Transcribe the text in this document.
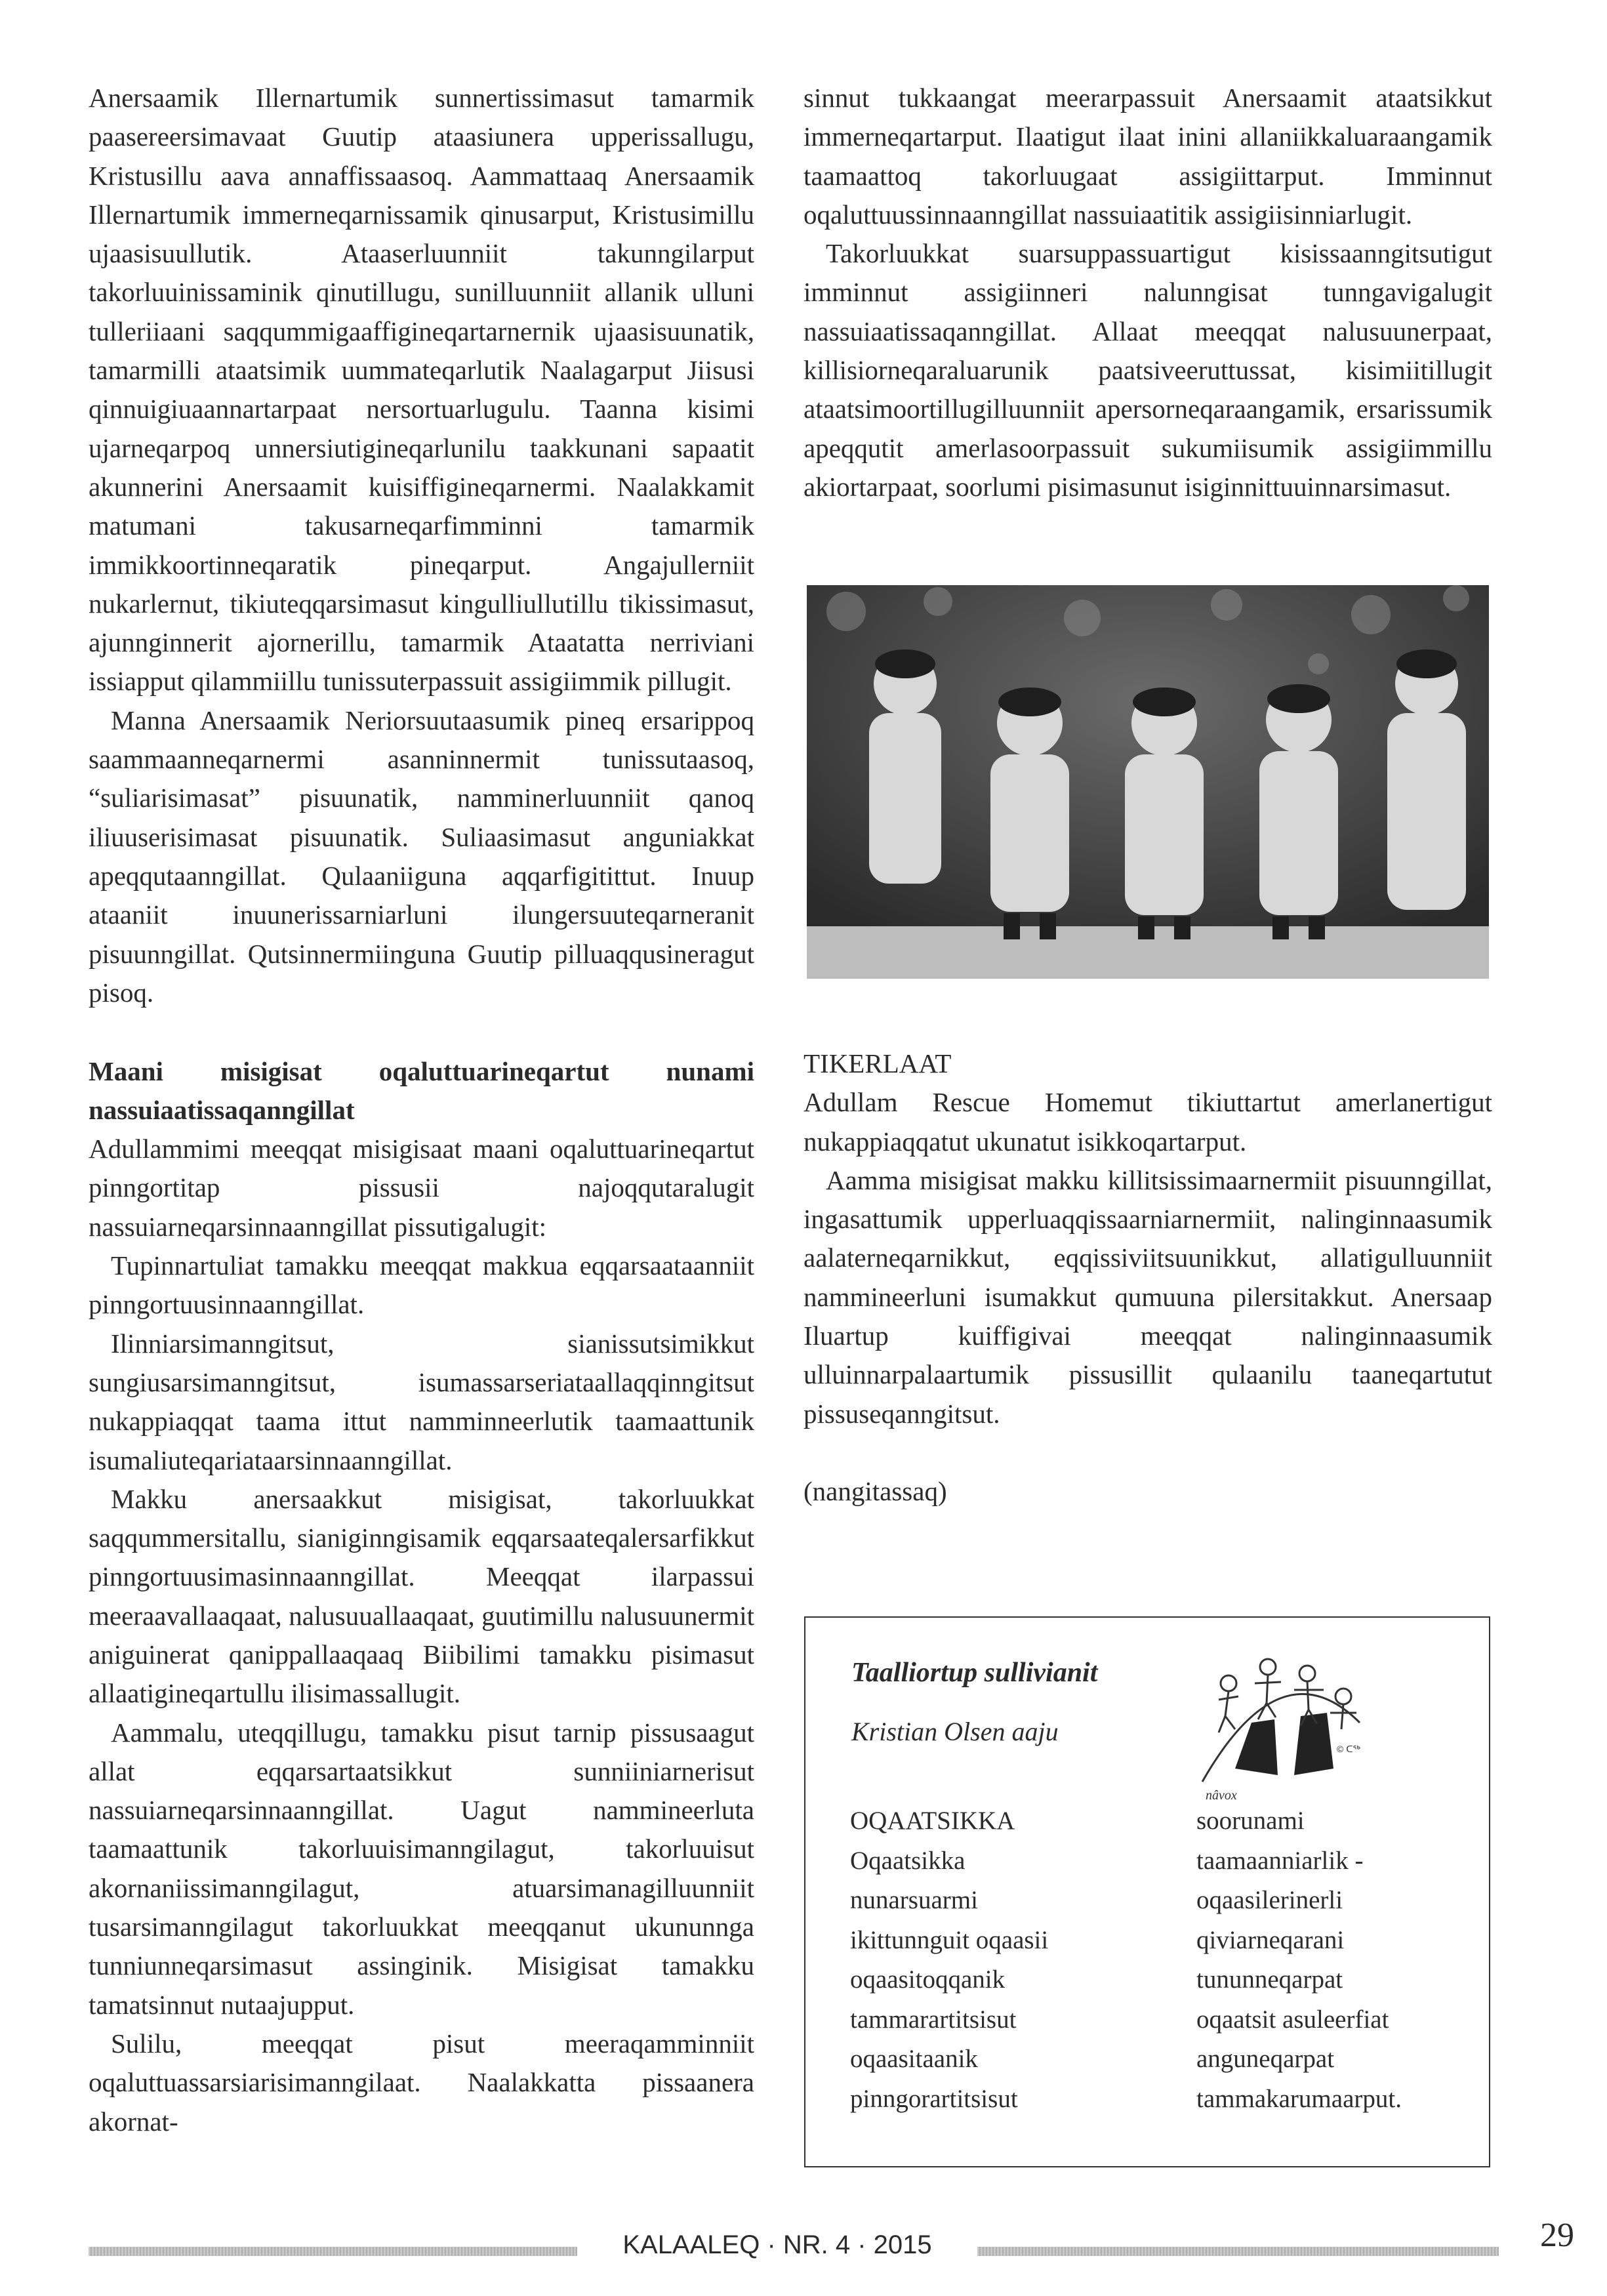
Anersaamik Illernartumik sunnertissimasut tamarmik paasereersimavaat Guutip ataasiunera upperissallugu, Kristusillu aava annaffissaasoq. Aammattaaq Anersaamik Illernartumik immerneqarnissamik qinusarput, Kristusimillu ujaasisuullutik. Ataaserluunniit takunngilarput takorluuinissaminik qinutillugu, sunilluunniit allanik ulluni tulleriiaani saqqummigaaffigineqartarnernik ujaasisuunatik, tamarmilli ataatsimik uummateqarlutik Naalagarput Jiisusi qinnuigiuaannartarpaat nersortuarlugulu. Taanna kisimi ujarneqarpoq unnersiutigineqarlunilu taakkunani sapaatit akunnerini Anersaamit kuisiffigineqarnermi. Naalakkamit matumani takusarneqarfimminni tamarmik immikkoortinneqaratik pineqarput. Angajullerniit nukarlernut, tikiuteqqarsimasut kingulliullutillu tikissimasut, ajunnginnerit ajornerillu, tamarmik Ataatatta nerriviani issiapput qilammiillu tunissuterpassuit assigiimmik pillugit.

Manna Anersaamik Neriorsuutaasumik pineq ersarippoq saammaanneqarnermi asanninnermit tunissutaasoq, “suliarisimasat” pisuunatik, namminerluunniit qanoq iliuuserisimasat pisuunatik. Suliaasimasut anguniakkat apeqqutaanngillat. Qulaaniiguna aqqarfigitittut. Inuup ataaniit inuunerissarniarluni ilungersuuteqarneranit pisuunngillat. Qutsinnermiinguna Guutip pilluaqqusineragut pisoq.

Maani misigisat oqaluttuarineqartut nunami nassuiaatissaqanngillat

Adullammimi meeqqat misigisaat maani oqaluttuarineqartut pinngortitap pissusii najoqqutaralugit nassuiarneqarsinnaanngillat pissutigalugit:

Tupinnartuliat tamakku meeqqat makkua eqqarsaataanniit pinngortuusinnaanngillat.

Ilinniarsimanngitsut, sianissutsimikkut sungiusarsimanngitsut, isumassarseriataallaqqinngitsut nukappiaqqat taama ittut namminneerlutik taamaattunik isumaliuteqariataarsinnaanngillat.

Makku anersaakkut misigisat, takorluukkat saqqummersitallu, sianiginngisamik eqqarsaateqalersarfikkut pinngortuusimasinnaanngillat. Meeqqat ilarpassui meeraavallaaqaat, nalusuuallaaqaat, guutimillu nalusuunermit aniguinerat qanippallaaqaaq Biibilimi tamakku pisimasut allaatigineqartullu ilisimassallugit.

Aammalu, uteqqillugu, tamakku pisut tarnip pissusaagut allat eqqarsartaatsikkut sunniiniarnerisut nassuiarneqarsinnaanngillat. Uagut nammineerluta taamaattunik takorluuisimanngilagut, takorluuisut akornaniissimanngilagut, atuarsimanagilluunniit tusarsimanngilagut takorluukkat meeqqanut ukununnga tunniunneqarsimasut assinginik. Misigisat tamakku tamatsinnut nutaajupput.

Sulilu, meeqqat pisut meeraqamminniit oqaluttuassarsiarisimanngilaat. Naalakkatta pissaanera akornat-

sinnut tukkaangat meerarpassuit Anersaamit ataatsikkut immerneqartarput. Ilaatigut ilaat inini allaniikkaluaraangamik taamaattoq takorluugaat assigiittarput. Imminnut oqaluttuussinnaanngillat nassuiaatitik assigiisinniarlugit.

Takorluukkat suarsuppassuartigut kisissaanngitsutigut imminnut assigiinneri nalunngisat tunngavigalugit nassuiaatissaqanngillat. Allaat meeqqat nalusuunerpaat, killisiorneqaraluarunik paatsiveeruttussat, kisimiitillugit ataatsimoortillugilluunniit apersorneqaraangamik, ersarissumik apeqqutit amerlasoorpassuit sukumiisumik assigiimmillu akiortarpaat, soorlumi pisimasunut isiginnittuuinnarsimasut.

TIKERLAAT

Adullam Rescue Homemut tikiuttartut amerlanertigut nukappiaqqatut ukunatut isikkoqartarput.

Aamma misigisat makku killitsissimaarnermiit pisuunngillat, ingasattumik upperluaqqissaarniarnermiit, nalinginnaasumik aalaterneqarnikkut, eqqissiviitsuunikkut, allatigulluunniit nammineerluni isumakkut qumuuna pilersitakkut. Anersaap Iluartup kuiffigivai meeqqat nalinginnaasumik ulluinnarpalaartumik pissusillit qulaanilu taaneqartutut pissuseqanngitsut.

(nangitassaq)

Taalliortup sullivianit
Kristian Olsen aaju
© ᑕᖅ
nâvox
OQAATSIKKA
Oqaatsikka
nunarsuarmi
ikittunnguit oqaasii
oqaasitoqqanik
tammarartitsisut
oqaasitaanik
pinngorartitsisut
soorunami
taamaanniarlik -
oqaasilerinerli
qiviarneqarani
tununneqarpat
oqaatsit asuleerfiat
anguneqarpat
tammakarumaarput.
KALAALEQ · NR. 4 · 2015	29
